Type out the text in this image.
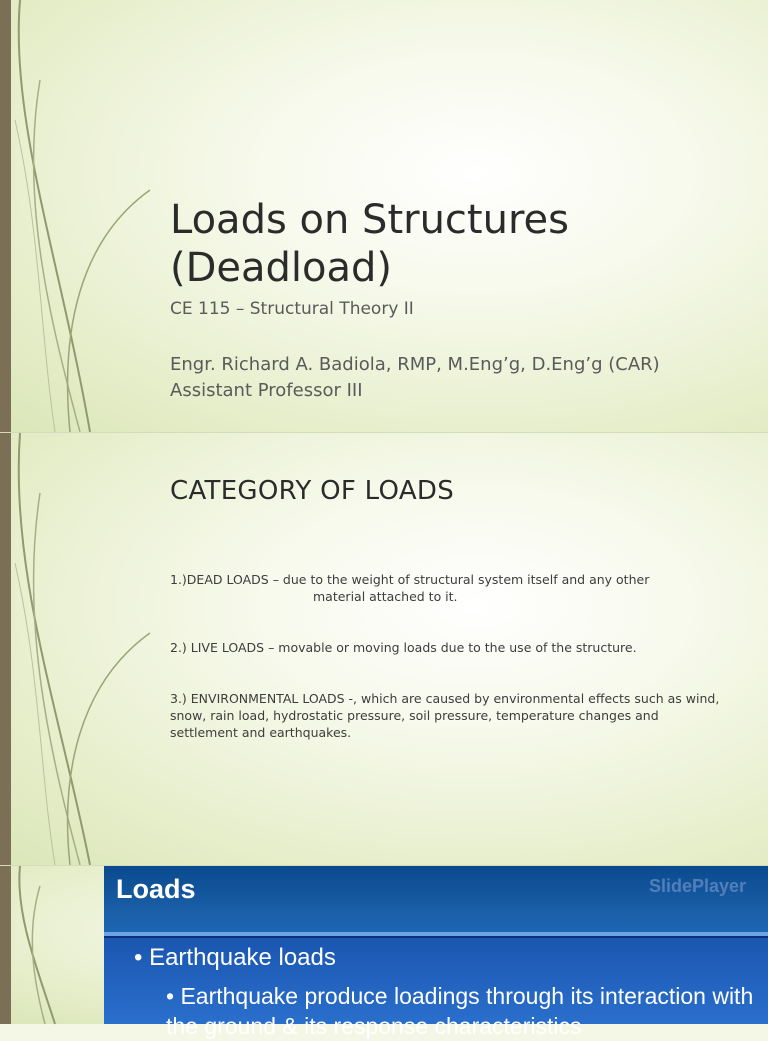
Loads on Structures
(Deadload)

CE 115 – Structural Theory II

Engr. Richard A. Badiola, RMP, M.Eng’g, D.Eng’g (CAR)
Assistant Professor III

CATEGORY OF LOADS

1.)DEAD LOADS – due to the weight of structural system itself and any other
material attached to it.

2.) LIVE LOADS – movable or moving loads due to the use of the structure.

3.) ENVIRONMENTAL LOADS -, which are caused by environmental effects such as wind, snow, rain load, hydrostatic pressure, soil pressure, temperature changes and settlement and earthquakes.

SlidePlayer

Loads

• Earthquake loads

• Earthquake produce loadings through its interaction with the ground & its response characteristics
